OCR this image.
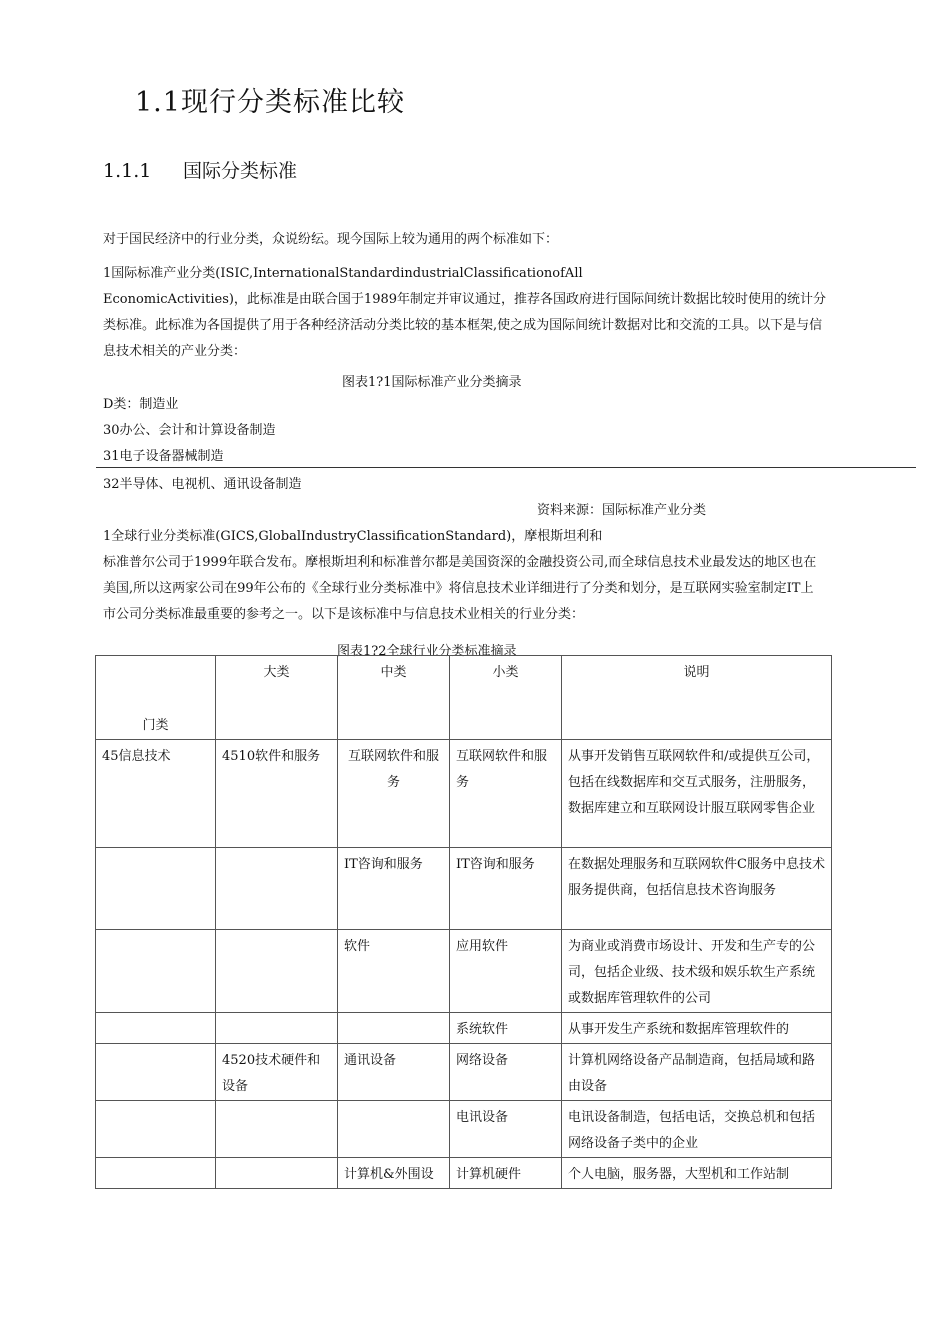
1.1现行分类标准比较
1.1.1 国际分类标准
对于国民经济中的行业分类，众说纷纭。现今国际上较为通用的两个标准如下：
1国际标准产业分类(ISIC,InternationalStandardindustrialClassificationofAll
EconomicActivities)，此标准是由联合国于1989年制定并审议通过，推荐各国政府进行国际间统计数据比较时使用的统计分
类标准。此标准为各国提供了用于各种经济活动分类比较的基本框架,使之成为国际间统计数据对比和交流的工具。以下是与信
息技术相关的产业分类：
图表1?1国际标准产业分类摘录
D类：制造业
30办公、会计和计算设备制造
31电子设备器械制造
32半导体、电视机、通讯设备制造
资料来源：国际标准产业分类
1全球行业分类标准(GICS,GlobalIndustryClassificationStandard)，摩根斯坦利和
标准普尔公司于1999年联合发布。摩根斯坦利和标准普尔都是美国资深的金融投资公司,而全球信息技术业最发达的地区也在
美国,所以这两家公司在99年公布的《全球行业分类标准中》将信息技术业详细进行了分类和划分，是互联网实验室制定IT上
市公司分类标准最重要的参考之一。以下是该标准中与信息技术业相关的行业分类：
图表1?2全球行业分类标准摘录
门类	大类	中类	小类	说明
45信息技术	4510软件和服务	互联网软件和服务	互联网软件和服务	从事开发销售互联网软件和/或提供互公司，包括在线数据库和交互式服务，注册服务，数据库建立和互联网设计服互联网零售企业
		IT咨询和服务	IT咨询和服务	在数据处理服务和互联网软件C服务中息技术服务提供商，包括信息技术咨询服务
		软件	应用软件	为商业或消费市场设计、开发和生产专的公司，包括企业级、技术级和娱乐软生产系统或数据库管理软件的公司
			系统软件	从事开发生产系统和数据库管理软件的
	4520技术硬件和设备	通讯设备	网络设备	计算机网络设备产品制造商，包括局域和路由设备
			电讯设备	电讯设备制造，包括电话，交换总机和包括网络设备子类中的企业
		计算机&外围设	计算机硬件	个人电脑，服务器，大型机和工作站制
